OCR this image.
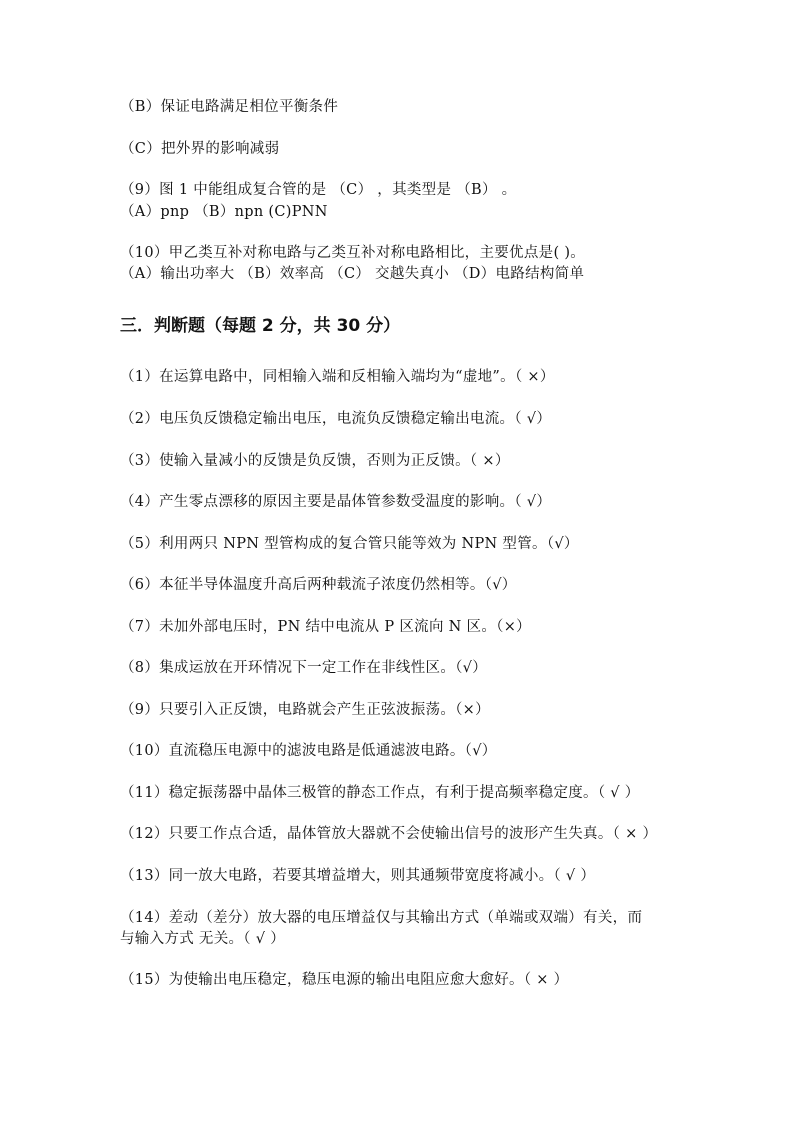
（B）保证电路满足相位平衡条件
（C）把外界的影响减弱
（9）图 1 中能组成复合管的是 （C） ，其类型是 （B） 。
（A）pnp （B）npn (C)PNN
（10）甲乙类互补对称电路与乙类互补对称电路相比，主要优点是( )。
（A）输出功率大 （B）效率高 （C） 交越失真小 （D）电路结构简单
三．判断题（每题 2 分，共 30 分）
（1）在运算电路中，同相输入端和反相输入端均为“虚地”。（ ×）
（2）电压负反馈稳定输出电压，电流负反馈稳定输出电流。（ √）
（3）使输入量减小的反馈是负反馈，否则为正反馈。（ ×）
（4）产生零点漂移的原因主要是晶体管参数受温度的影响。（ √）
（5）利用两只 NPN 型管构成的复合管只能等效为 NPN 型管。（√）
（6）本征半导体温度升高后两种载流子浓度仍然相等。（√）
（7）未加外部电压时，PN 结中电流从 P 区流向 N 区。（×）
（8）集成运放在开环情况下一定工作在非线性区。（√）
（9）只要引入正反馈，电路就会产生正弦波振荡。（×）
（10）直流稳压电源中的滤波电路是低通滤波电路。（√）
（11）稳定振荡器中晶体三极管的静态工作点，有利于提高频率稳定度。（ √ ）
（12）只要工作点合适，晶体管放大器就不会使输出信号的波形产生失真。（ × ）
（13）同一放大电路，若要其增益增大，则其通频带宽度将减小。（ √ ）
（14）差动（差分）放大器的电压增益仅与其输出方式（单端或双端）有关，而
与输入方式 无关。（ √ ）
（15）为使输出电压稳定，稳压电源的输出电阻应愈大愈好。（ × ）
